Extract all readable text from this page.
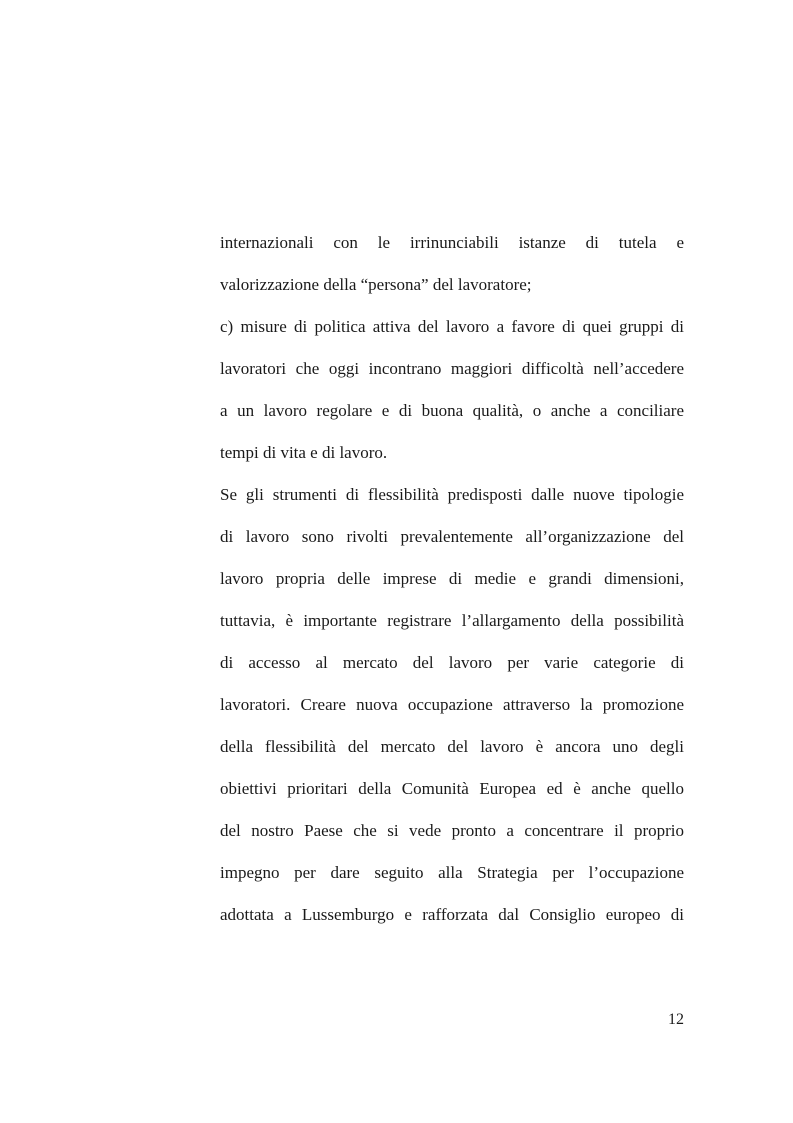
internazionali con le irrinunciabili istanze di tutela e
valorizzazione della “persona” del lavoratore;
c) misure di politica attiva del lavoro a favore di quei gruppi di
lavoratori che oggi incontrano maggiori difficoltà nell’accedere
a un lavoro regolare e di buona qualità, o anche a conciliare
tempi di vita e di lavoro.
Se gli strumenti di flessibilità predisposti dalle nuove tipologie
di lavoro sono rivolti prevalentemente all’organizzazione del
lavoro propria delle imprese di medie e grandi dimensioni,
tuttavia, è importante registrare l’allargamento della possibilità
di accesso al mercato del lavoro per varie categorie di
lavoratori. Creare nuova occupazione attraverso la promozione
della flessibilità del mercato del lavoro è ancora uno degli
obiettivi prioritari della Comunità Europea ed è anche quello
del nostro Paese che si vede pronto a concentrare il proprio
impegno per dare seguito alla Strategia per l’occupazione
adottata a Lussemburgo e rafforzata dal Consiglio europeo di
12
